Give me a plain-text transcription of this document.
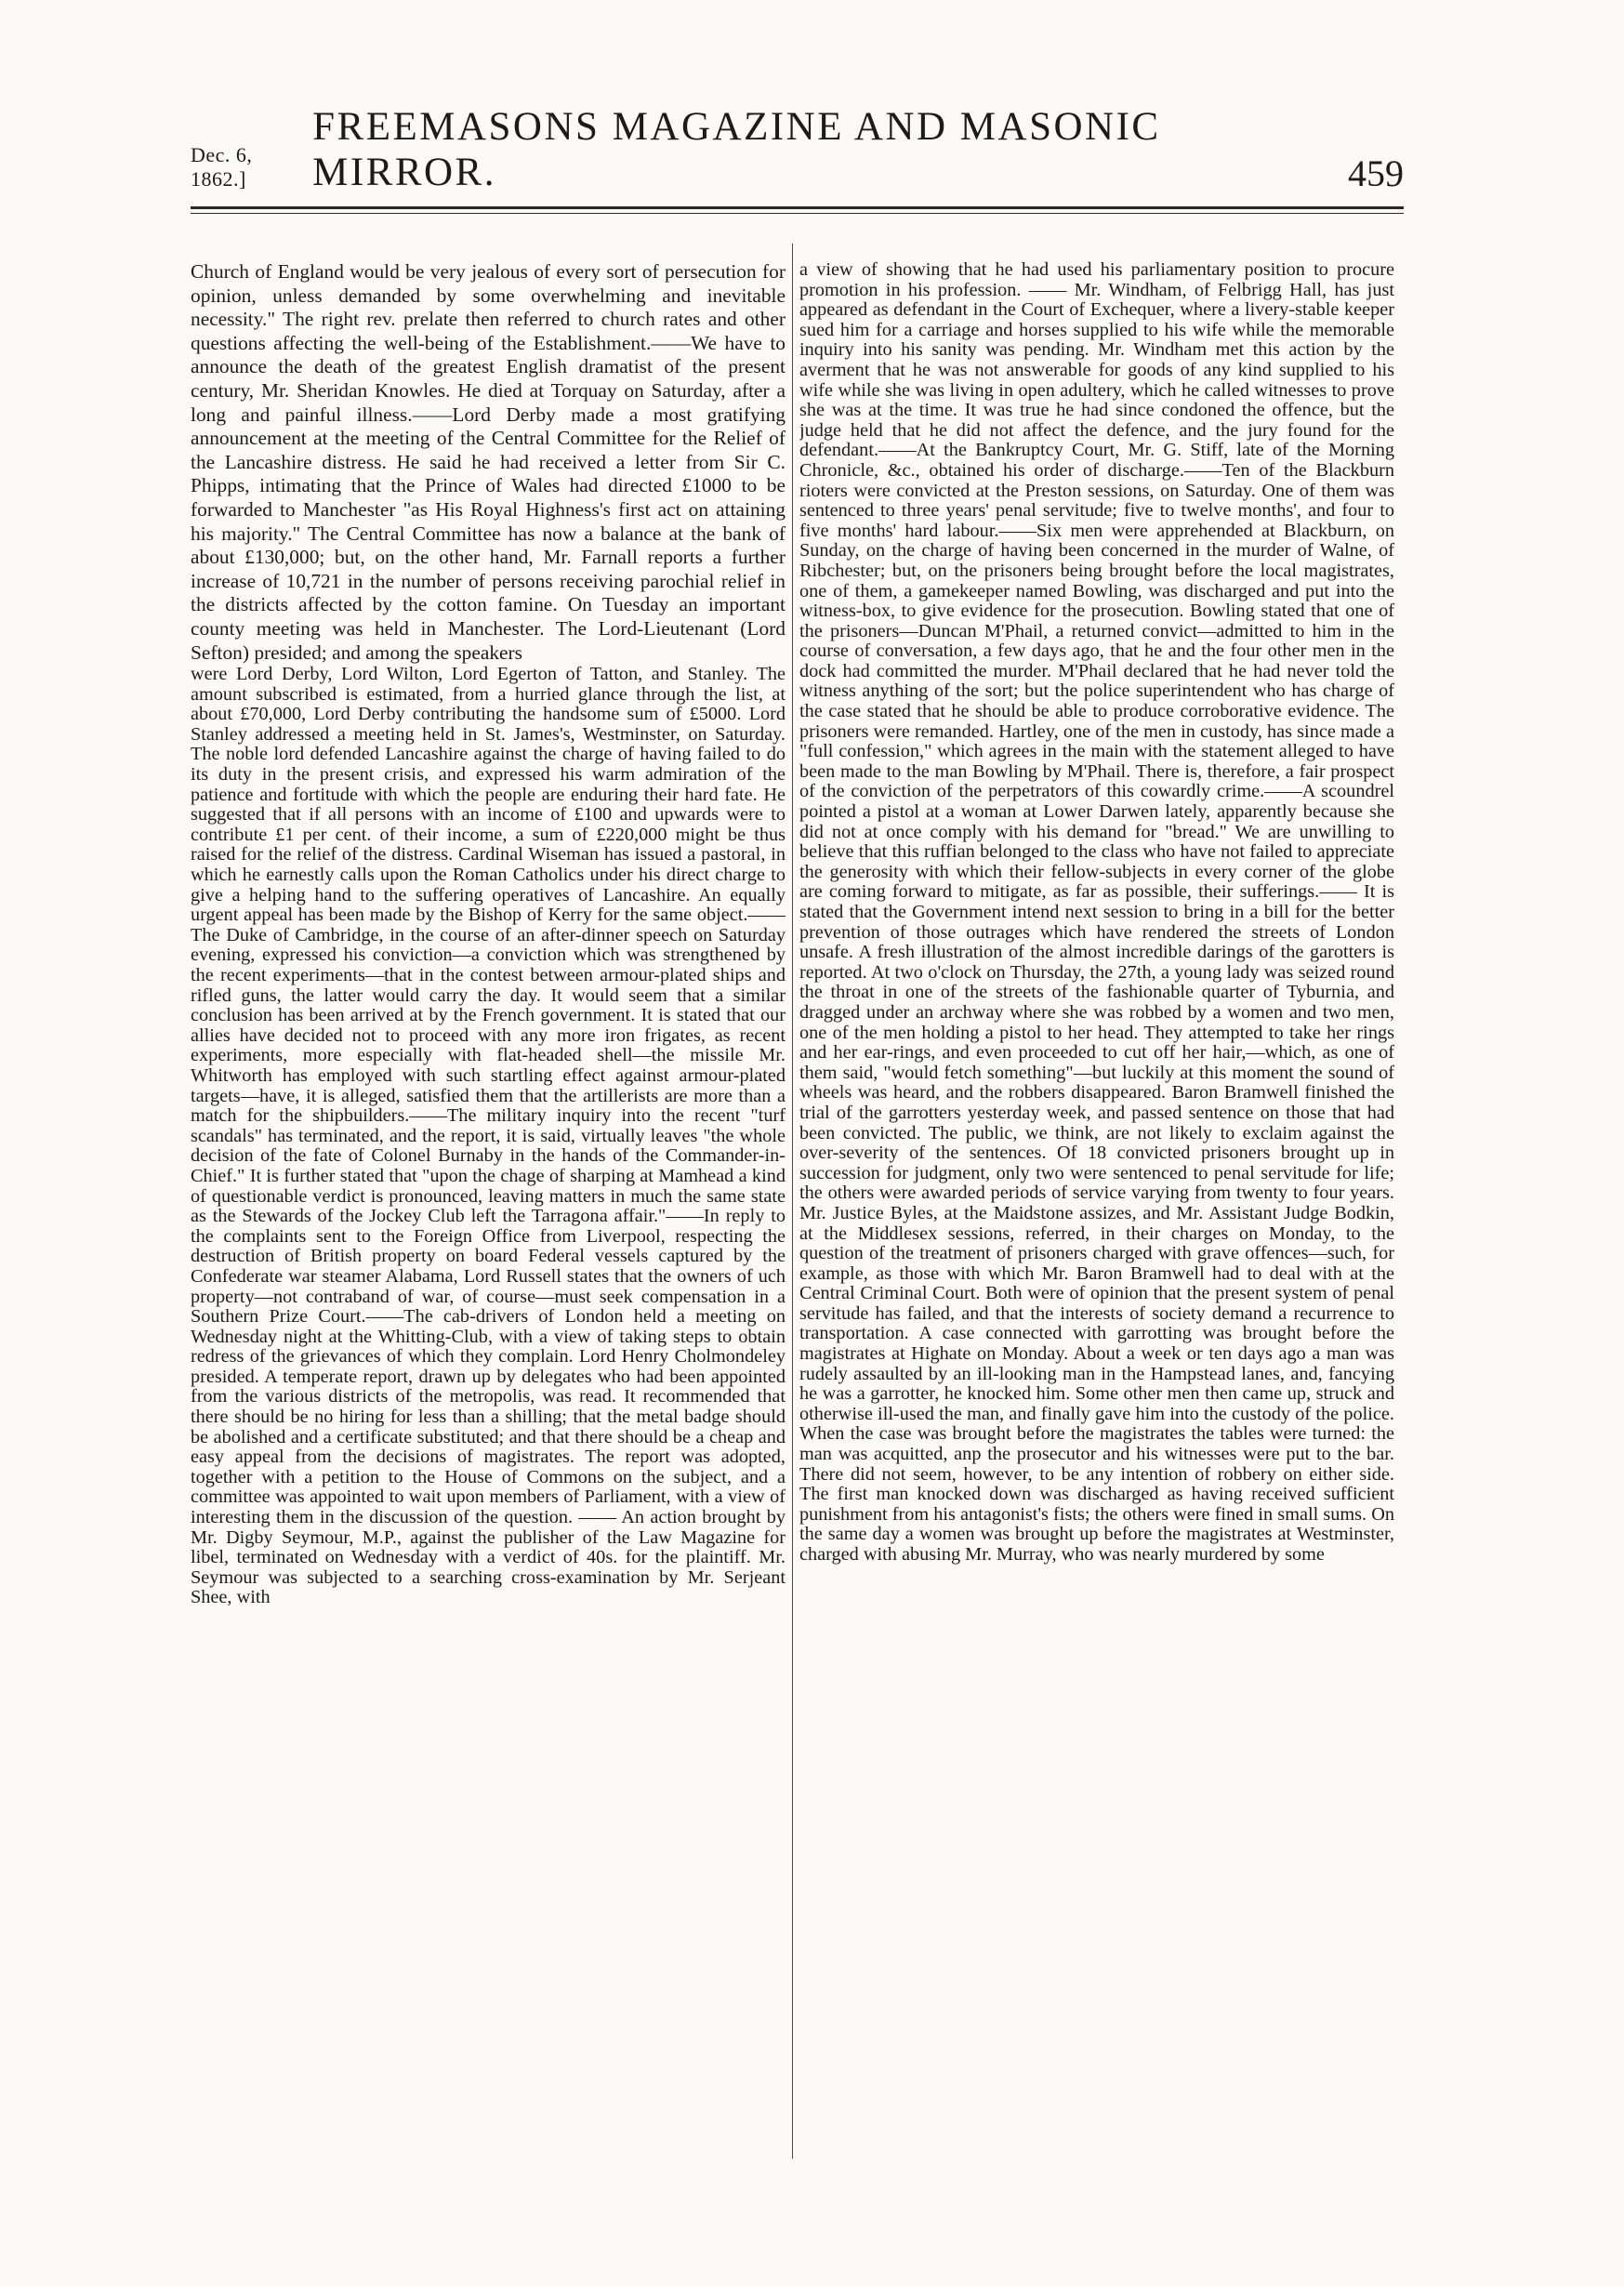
Dec. 6, 1862.]
FREEMASONS MAGAZINE AND MASONIC MIRROR.	459

Church of England would be very jealous of every sort of persecution for opinion, unless demanded by some overwhelming and inevitable necessity." The right rev. prelate then referred to church rates and other questions affecting the well-being of the Establishment.——We have to announce the death of the greatest English dramatist of the present century, Mr. Sheridan Knowles. He died at Torquay on Saturday, after a long and painful illness.——Lord Derby made a most gratifying announcement at the meeting of the Central Committee for the Relief of the Lancashire distress. He said he had received a letter from Sir C. Phipps, intimating that the Prince of Wales had directed £1000 to be forwarded to Manchester "as His Royal Highness's first act on attaining his majority." The Central Committee has now a balance at the bank of about £130,000; but, on the other hand, Mr. Farnall reports a further increase of 10,721 in the number of persons receiving parochial relief in the districts affected by the cotton famine. On Tuesday an important county meeting was held in Manchester. The Lord-Lieutenant (Lord Sefton) presided; and among the speakers

were Lord Derby, Lord Wilton, Lord Egerton of Tatton, and Stanley. The amount subscribed is estimated, from a hurried glance through the list, at about £70,000, Lord Derby contributing the handsome sum of £5000. Lord Stanley addressed a meeting held in St. James's, Westminster, on Saturday. The noble lord defended Lancashire against the charge of having failed to do its duty in the present crisis, and expressed his warm admiration of the patience and fortitude with which the people are enduring their hard fate. He suggested that if all persons with an income of £100 and upwards were to contribute £1 per cent. of their income, a sum of £220,000 might be thus raised for the relief of the distress. Cardinal Wiseman has issued a pastoral, in which he earnestly calls upon the Roman Catholics under his direct charge to give a helping hand to the suffering operatives of Lancashire. An equally urgent appeal has been made by the Bishop of Kerry for the same object.—— The Duke of Cambridge, in the course of an after-dinner speech on Saturday evening, expressed his conviction—a conviction which was strengthened by the recent experiments—that in the contest between armour-plated ships and rifled guns, the latter would carry the day. It would seem that a similar conclusion has been arrived at by the French government. It is stated that our allies have decided not to proceed with any more iron frigates, as recent experiments, more especially with flat-headed shell—the missile Mr. Whitworth has employed with such startling effect against armour-plated targets—have, it is alleged, satisfied them that the artillerists are more than a match for the shipbuilders.——The military inquiry into the recent "turf scandals" has terminated, and the report, it is said, virtually leaves "the whole decision of the fate of Colonel Burnaby in the hands of the Commander-in-Chief." It is further stated that "upon the chage of sharping at Mamhead a kind of questionable verdict is pronounced, leaving matters in much the same state as the Stewards of the Jockey Club left the Tarragona affair."——In reply to the complaints sent to the Foreign Office from Liverpool, respecting the destruction of British property on board Federal vessels captured by the Confederate war steamer Alabama, Lord Russell states that the owners of uch property—not contraband of war, of course—must seek compensation in a Southern Prize Court.——The cab-drivers of London held a meeting on Wednesday night at the Whitting-Club, with a view of taking steps to obtain redress of the grievances of which they complain. Lord Henry Cholmondeley presided. A temperate report, drawn up by delegates who had been appointed from the various districts of the metropolis, was read. It recommended that there should be no hiring for less than a shilling; that the metal badge should be abolished and a certificate substituted; and that there should be a cheap and easy appeal from the decisions of magistrates. The report was adopted, together with a petition to the House of Commons on the subject, and a committee was appointed to wait upon members of Parliament, with a view of interesting them in the discussion of the question. —— An action brought by Mr. Digby Seymour, M.P., against the publisher of the Law Magazine for libel, terminated on Wednesday with a verdict of 40s. for the plaintiff. Mr. Seymour was subjected to a searching cross-examination by Mr. Serjeant Shee, with

a view of showing that he had used his parliamentary position to procure promotion in his profession. —— Mr. Windham, of Felbrigg Hall, has just appeared as defendant in the Court of Exchequer, where a livery-stable keeper sued him for a carriage and horses supplied to his wife while the memorable inquiry into his sanity was pending. Mr. Windham met this action by the averment that he was not answerable for goods of any kind supplied to his wife while she was living in open adultery, which he called witnesses to prove she was at the time. It was true he had since condoned the offence, but the judge held that he did not affect the defence, and the jury found for the defendant.——At the Bankruptcy Court, Mr. G. Stiff, late of the Morning Chronicle, &c., obtained his order of discharge.——Ten of the Blackburn rioters were convicted at the Preston sessions, on Saturday. One of them was sentenced to three years' penal servitude; five to twelve months', and four to five months' hard labour.——Six men were apprehended at Blackburn, on Sunday, on the charge of having been concerned in the murder of Walne, of Ribchester; but, on the prisoners being brought before the local magistrates, one of them, a gamekeeper named Bowling, was discharged and put into the witness-box, to give evidence for the prosecution. Bowling stated that one of the prisoners—Duncan M'Phail, a returned convict—admitted to him in the course of conversation, a few days ago, that he and the four other men in the dock had committed the murder. M'Phail declared that he had never told the witness anything of the sort; but the police superintendent who has charge of the case stated that he should be able to produce corroborative evidence. The prisoners were remanded. Hartley, one of the men in custody, has since made a "full confession," which agrees in the main with the statement alleged to have been made to the man Bowling by M'Phail. There is, therefore, a fair prospect of the conviction of the perpetrators of this cowardly crime.——A scoundrel pointed a pistol at a woman at Lower Darwen lately, apparently because she did not at once comply with his demand for "bread." We are unwilling to believe that this ruffian belonged to the class who have not failed to appreciate the generosity with which their fellow-subjects in every corner of the globe are coming forward to mitigate, as far as possible, their sufferings.—— It is stated that the Government intend next session to bring in a bill for the better prevention of those outrages which have rendered the streets of London unsafe. A fresh illustration of the almost incredible darings of the garotters is reported. At two o'clock on Thursday, the 27th, a young lady was seized round the throat in one of the streets of the fashionable quarter of Tyburnia, and dragged under an archway where she was robbed by a women and two men, one of the men holding a pistol to her head. They attempted to take her rings and her ear-rings, and even proceeded to cut off her hair,—which, as one of them said, "would fetch something"—but luckily at this moment the sound of wheels was heard, and the robbers disappeared. Baron Bramwell finished the trial of the garrotters yesterday week, and passed sentence on those that had been convicted. The public, we think, are not likely to exclaim against the over-severity of the sentences. Of 18 convicted prisoners brought up in succession for judgment, only two were sentenced to penal servitude for life; the others were awarded periods of service varying from twenty to four years. Mr. Justice Byles, at the Maidstone assizes, and Mr. Assistant Judge Bodkin, at the Middlesex sessions, referred, in their charges on Monday, to the question of the treatment of prisoners charged with grave offences—such, for example, as those with which Mr. Baron Bramwell had to deal with at the Central Criminal Court. Both were of opinion that the present system of penal servitude has failed, and that the interests of society demand a recurrence to transportation. A case connected with garrotting was brought before the magistrates at Highate on Monday. About a week or ten days ago a man was rudely assaulted by an ill-looking man in the Hampstead lanes, and, fancying he was a garrotter, he knocked him. Some other men then came up, struck and otherwise ill-used the man, and finally gave him into the custody of the police. When the case was brought before the magistrates the tables were turned: the man was acquitted, anp the prosecutor and his witnesses were put to the bar. There did not seem, however, to be any intention of robbery on either side. The first man knocked down was discharged as having received sufficient punishment from his antagonist's fists; the others were fined in small sums. On the same day a women was brought up before the magistrates at Westminster, charged with abusing Mr. Murray, who was nearly murdered by some
